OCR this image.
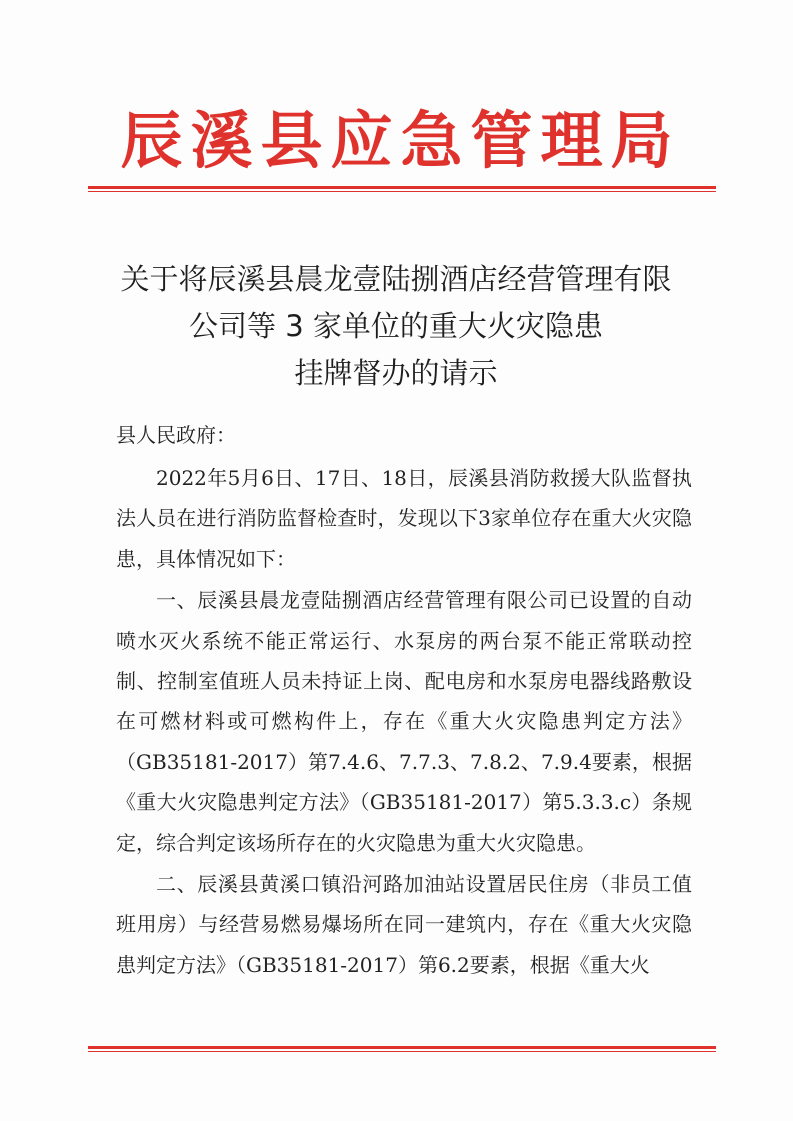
辰溪县应急管理局
关于将辰溪县晨龙壹陆捌酒店经营管理有限
公司等 3 家单位的重大火灾隐患
挂牌督办的请示
县人民政府：

2022年5月6日、17日、18日，辰溪县消防救援大队监督执法人员在进行消防监督检查时，发现以下3家单位存在重大火灾隐患，具体情况如下：

一、辰溪县晨龙壹陆捌酒店经营管理有限公司已设置的自动喷水灭火系统不能正常运行、水泵房的两台泵不能正常联动控制、控制室值班人员未持证上岗、配电房和水泵房电器线路敷设在可燃材料或可燃构件上，存在《重大火灾隐患判定方法》（GB35181-2017）第7.4.6、7.7.3、7.8.2、7.9.4要素，根据《重大火灾隐患判定方法》（GB35181-2017）第5.3.3.c）条规定，综合判定该场所存在的火灾隐患为重大火灾隐患。

二、辰溪县黄溪口镇沿河路加油站设置居民住房（非员工值班用房）与经营易燃易爆场所在同一建筑内，存在《重大火灾隐患判定方法》（GB35181-2017）第6.2要素，根据《重大火
